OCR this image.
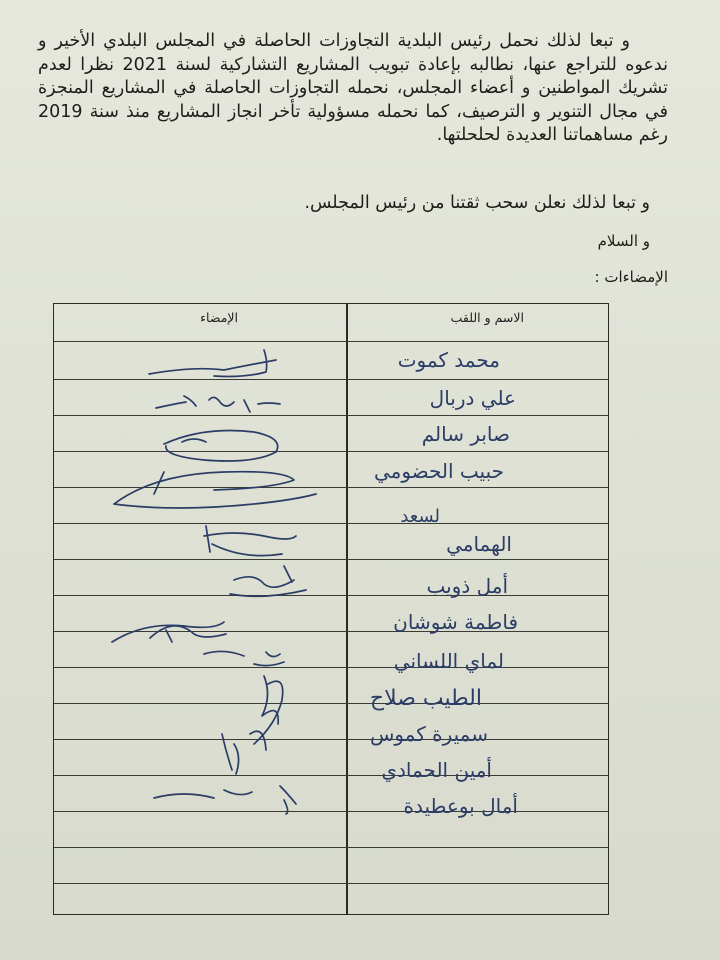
و تبعا لذلك نحمل رئيس البلدية التجاوزات الحاصلة في المجلس البلدي الأخير و ندعوه للتراجع عنها، نطالبه بإعادة تبويب المشاريع التشاركية لسنة 2021 نظرا لعدم تشريك المواطنين و أعضاء المجلس، نحمله التجاوزات الحاصلة في المشاريع المنجزة في مجال التنوير و الترصيف، كما نحمله مسؤولية تأخر انجاز المشاريع منذ سنة 2019 رغم مساهماتنا العديدة لحلحلتها.
و تبعا لذلك نعلن سحب ثقتنا من رئيس المجلس.
و السلام
الإمضاءات :
الاسم و اللقب
الإمضاء
محمد كموت
علي دربال
صابر سالم
حبيب الحضومي
لسعد
الهمامي
أمل ذويب
فاطمة شوشان
لماي اللساني
الطيب صلاح
سميرة كموس
أمين الحمادي
أمال بوعطيدة
